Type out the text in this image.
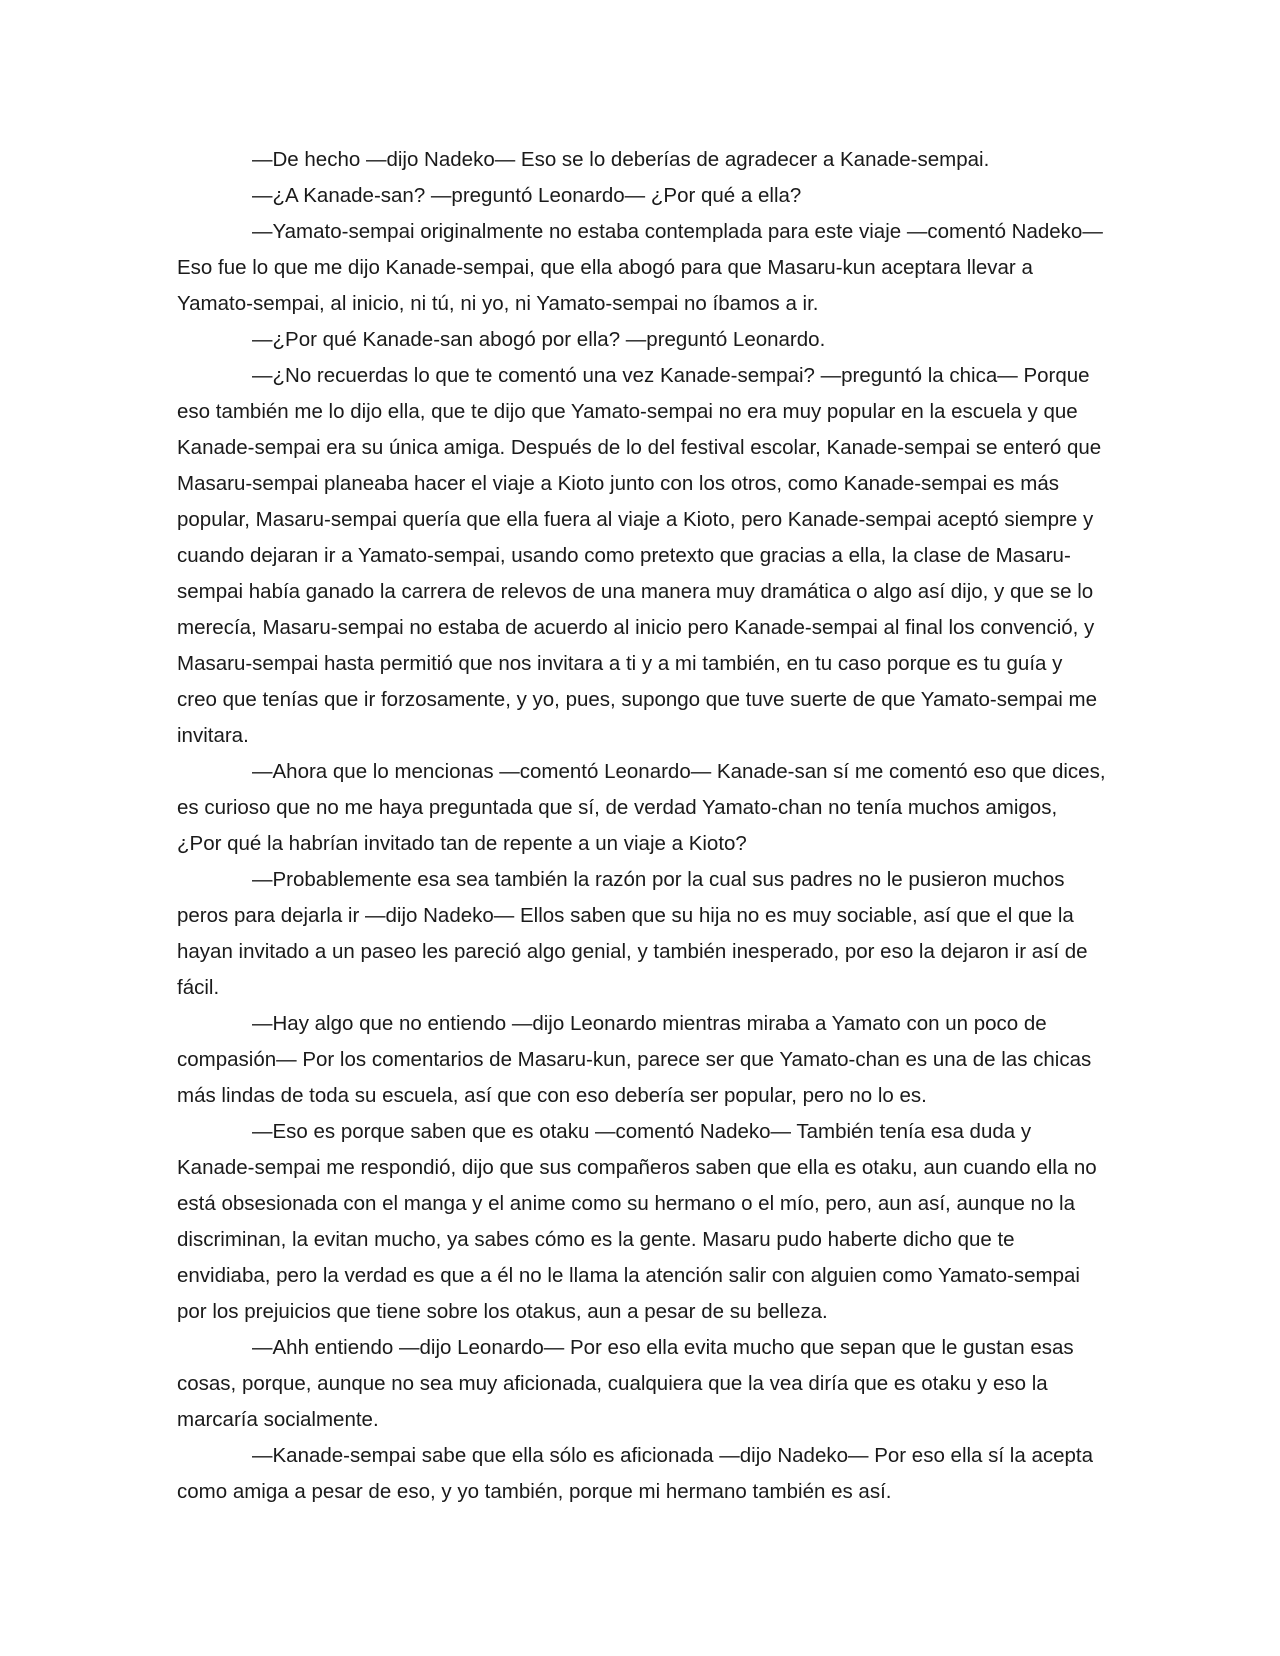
—De hecho —dijo Nadeko— Eso se lo deberías de agradecer a Kanade-sempai.

—¿A Kanade-san? —preguntó Leonardo— ¿Por qué a ella?

—Yamato-sempai originalmente no estaba contemplada para este viaje —comentó Nadeko— Eso fue lo que me dijo Kanade-sempai, que ella abogó para que Masaru-kun aceptara llevar a Yamato-sempai, al inicio, ni tú, ni yo, ni Yamato-sempai no íbamos a ir.

—¿Por qué Kanade-san abogó por ella? —preguntó Leonardo.

—¿No recuerdas lo que te comentó una vez Kanade-sempai? —preguntó la chica— Porque eso también me lo dijo ella, que te dijo que Yamato-sempai no era muy popular en la escuela y que Kanade-sempai era su única amiga. Después de lo del festival escolar, Kanade-sempai se enteró que Masaru-sempai planeaba hacer el viaje a Kioto junto con los otros, como Kanade-sempai es más popular, Masaru-sempai quería que ella fuera al viaje a Kioto, pero Kanade-sempai aceptó siempre y cuando dejaran ir a Yamato-sempai, usando como pretexto que gracias a ella, la clase de Masaru-sempai había ganado la carrera de relevos de una manera muy dramática o algo así dijo, y que se lo merecía, Masaru-sempai no estaba de acuerdo al inicio pero Kanade-sempai al final los convenció, y Masaru-sempai hasta permitió que nos invitara a ti y a mi también, en tu caso porque es tu guía y creo que tenías que ir forzosamente, y yo, pues, supongo que tuve suerte de que Yamato-sempai me invitara.

—Ahora que lo mencionas —comentó Leonardo— Kanade-san sí me comentó eso que dices, es curioso que no me haya preguntada que sí, de verdad Yamato-chan no tenía muchos amigos, ¿Por qué la habrían invitado tan de repente a un viaje a Kioto?

—Probablemente esa sea también la razón por la cual sus padres no le pusieron muchos peros para dejarla ir —dijo Nadeko— Ellos saben que su hija no es muy sociable, así que el que la hayan invitado a un paseo les pareció algo genial, y también inesperado, por eso la dejaron ir así de fácil.

—Hay algo que no entiendo —dijo Leonardo mientras miraba a Yamato con un poco de compasión— Por los comentarios de Masaru-kun, parece ser que Yamato-chan es una de las chicas más lindas de toda su escuela, así que con eso debería ser popular, pero no lo es.

—Eso es porque saben que es otaku —comentó Nadeko— También tenía esa duda y Kanade-sempai me respondió, dijo que sus compañeros saben que ella es otaku, aun cuando ella no está obsesionada con el manga y el anime como su hermano o el mío, pero, aun así, aunque no la discriminan, la evitan mucho, ya sabes cómo es la gente. Masaru pudo haberte dicho que te envidiaba, pero la verdad es que a él no le llama la atención salir con alguien como Yamato-sempai por los prejuicios que tiene sobre los otakus, aun a pesar de su belleza.

—Ahh entiendo —dijo Leonardo— Por eso ella evita mucho que sepan que le gustan esas cosas, porque, aunque no sea muy aficionada, cualquiera que la vea diría que es otaku y eso la marcaría socialmente.

—Kanade-sempai sabe que ella sólo es aficionada —dijo Nadeko— Por eso ella sí la acepta como amiga a pesar de eso, y yo también, porque mi hermano también es así.
